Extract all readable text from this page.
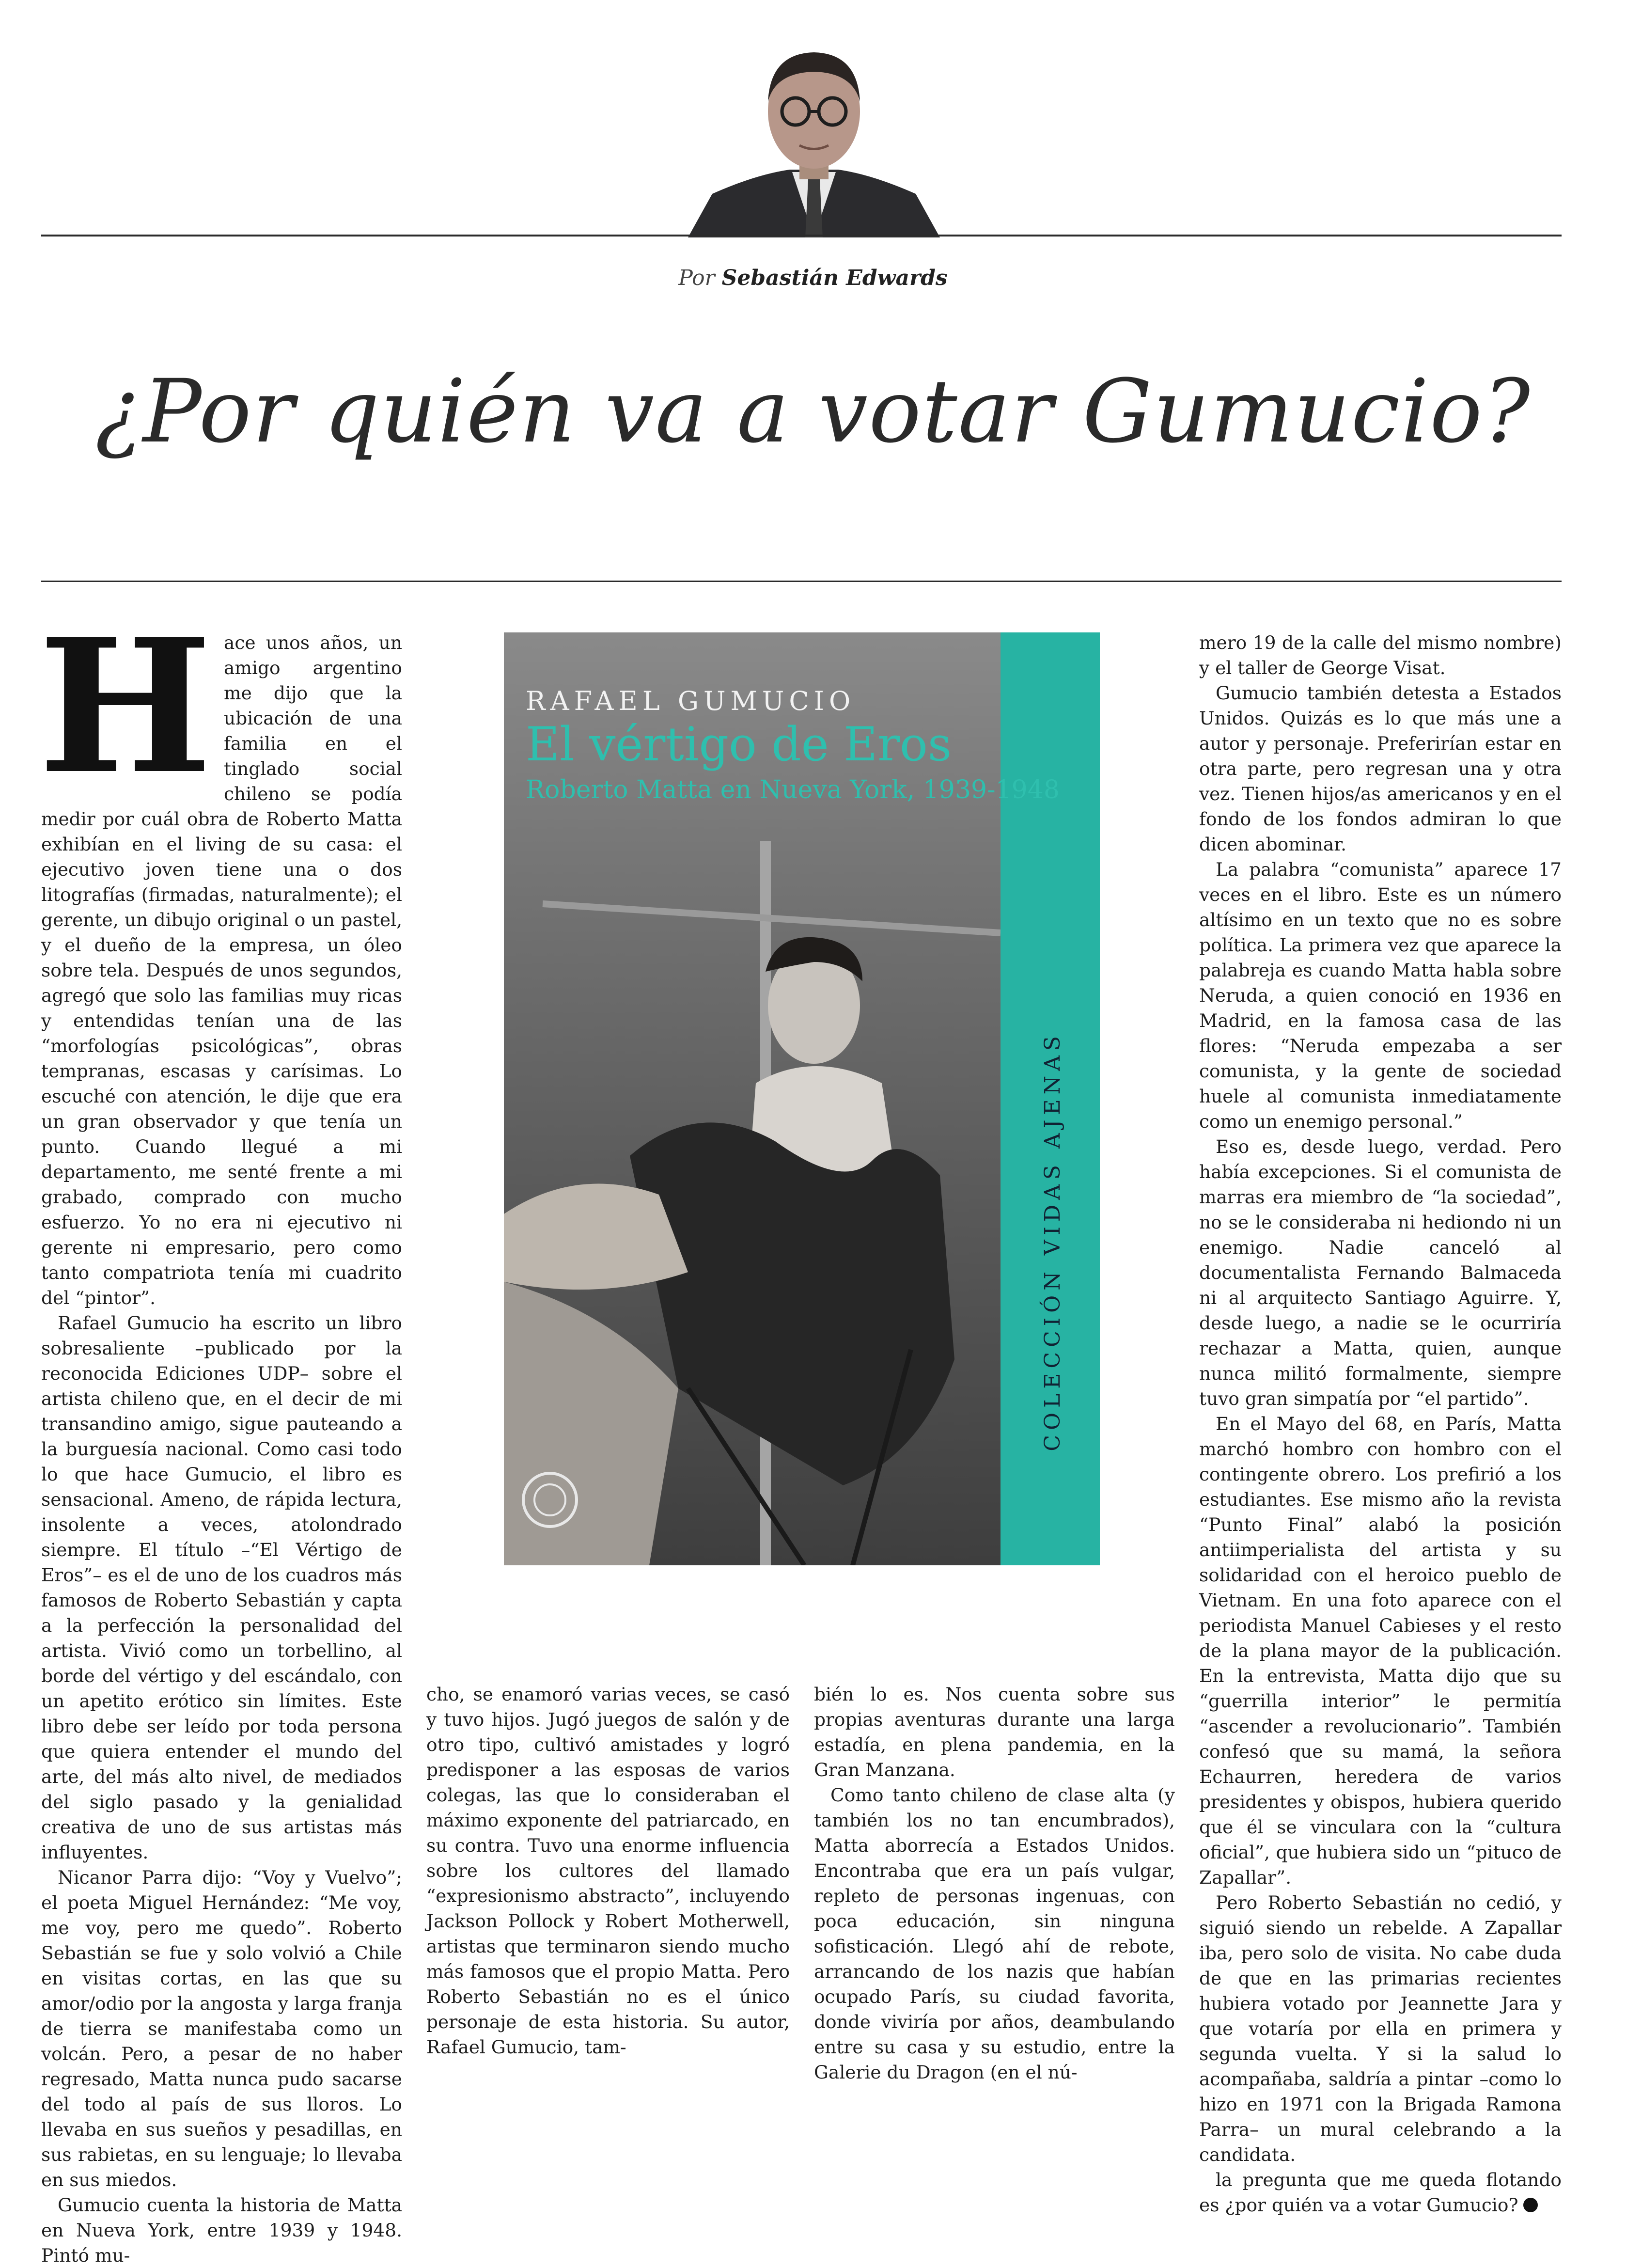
Por Sebastián Edwards
¿Por quién va a votar Gumucio?
H ace unos años, un amigo argentino me dijo que la ubicación de una familia en el tinglado social chileno se podía medir por cuál obra de Roberto Matta exhibían en el living de su casa: el ejecutivo joven tiene una o dos litografías (firmadas, naturalmente); el gerente, un dibujo original o un pastel, y el dueño de la empresa, un óleo sobre tela. Después de unos segundos, agregó que solo las familias muy ricas y entendidas tenían una de las “morfologías psicológicas”, obras tempranas, escasas y carísimas. Lo escuché con atención, le dije que era un gran observador y que tenía un punto. Cuando llegué a mi departamento, me senté frente a mi grabado, comprado con mucho esfuerzo. Yo no era ni ejecutivo ni gerente ni empresario, pero como tanto compatriota tenía mi cuadrito del “pintor”.

Rafael Gumucio ha escrito un libro sobresaliente –publicado por la reconocida Ediciones UDP– sobre el artista chileno que, en el decir de mi transandino amigo, sigue pauteando a la burguesía nacional. Como casi todo lo que hace Gumucio, el libro es sensacional. Ameno, de rápida lectura, insolente a veces, atolondrado siempre. El título –“El Vértigo de Eros”– es el de uno de los cuadros más famosos de Roberto Sebastián y capta a la perfección la personalidad del artista. Vivió como un torbellino, al borde del vértigo y del escándalo, con un apetito erótico sin límites. Este libro debe ser leído por toda persona que quiera entender el mundo del arte, del más alto nivel, de mediados del siglo pasado y la genialidad creativa de uno de sus artistas más influyentes.

Nicanor Parra dijo: “Voy y Vuelvo”; el poeta Miguel Hernández: “Me voy, me voy, pero me quedo”. Roberto Sebastián se fue y solo volvió a Chile en visitas cortas, en las que su amor/odio por la angosta y larga franja de tierra se manifestaba como un volcán. Pero, a pesar de no haber regresado, Matta nunca pudo sacarse del todo al país de sus lloros. Lo llevaba en sus sueños y pesadillas, en sus rabietas, en su lenguaje; lo llevaba en sus miedos.

Gumucio cuenta la historia de Matta en Nueva York, entre 1939 y 1948. Pintó mu-

RAFAEL GUMUCIO
El vértigo de Eros
Roberto Matta en Nueva York, 1939-1948
COLECCIÓN VIDAS AJENAS

cho, se enamoró varias veces, se casó y tuvo hijos. Jugó juegos de salón y de otro tipo, cultivó amistades y logró predisponer a las esposas de varios colegas, las que lo consideraban el máximo exponente del patriarcado, en su contra. Tuvo una enorme influencia sobre los cultores del llamado “expresionismo abstracto”, incluyendo Jackson Pollock y Robert Motherwell, artistas que terminaron siendo mucho más famosos que el propio Matta. Pero Roberto Sebastián no es el único personaje de esta historia. Su autor, Rafael Gumucio, tam-

bién lo es. Nos cuenta sobre sus propias aventuras durante una larga estadía, en plena pandemia, en la Gran Manzana.

Como tanto chileno de clase alta (y también los no tan encumbrados), Matta aborrecía a Estados Unidos. Encontraba que era un país vulgar, repleto de personas ingenuas, con poca educación, sin ninguna sofisticación. Llegó ahí de rebote, arrancando de los nazis que habían ocupado París, su ciudad favorita, donde viviría por años, deambulando entre su casa y su estudio, entre la Galerie du Dragon (en el nú-

mero 19 de la calle del mismo nombre) y el taller de George Visat.

Gumucio también detesta a Estados Unidos. Quizás es lo que más une a autor y personaje. Preferirían estar en otra parte, pero regresan una y otra vez. Tienen hijos/as americanos y en el fondo de los fondos admiran lo que dicen abominar.

La palabra “comunista” aparece 17 veces en el libro. Este es un número altísimo en un texto que no es sobre política. La primera vez que aparece la palabreja es cuando Matta habla sobre Neruda, a quien conoció en 1936 en Madrid, en la famosa casa de las flores: “Neruda empezaba a ser comunista, y la gente de sociedad huele al comunista inmediatamente como un enemigo personal.”

Eso es, desde luego, verdad. Pero había excepciones. Si el comunista de marras era miembro de “la sociedad”, no se le consideraba ni hediondo ni un enemigo. Nadie canceló al documentalista Fernando Balmaceda ni al arquitecto Santiago Aguirre. Y, desde luego, a nadie se le ocurriría rechazar a Matta, quien, aunque nunca militó formalmente, siempre tuvo gran simpatía por “el partido”.

En el Mayo del 68, en París, Matta marchó hombro con hombro con el contingente obrero. Los prefirió a los estudiantes. Ese mismo año la revista “Punto Final” alabó la posición antiimperialista del artista y su solidaridad con el heroico pueblo de Vietnam. En una foto aparece con el periodista Manuel Cabieses y el resto de la plana mayor de la publicación. En la entrevista, Matta dijo que su “guerrilla interior” le permitía “ascender a revolucionario”. También confesó que su mamá, la señora Echaurren, heredera de varios presidentes y obispos, hubiera querido que él se vinculara con la “cultura oficial”, que hubiera sido un “pituco de Zapallar”.

Pero Roberto Sebastián no cedió, y siguió siendo un rebelde. A Zapallar iba, pero solo de visita. No cabe duda de que en las primarias recientes hubiera votado por Jeannette Jara y que votaría por ella en primera y segunda vuelta. Y si la salud lo acompañaba, saldría a pintar –como lo hizo en 1971 con la Brigada Ramona Parra– un mural celebrando a la candidata.

la pregunta que me queda flotando es ¿por quién va a votar Gumucio?
